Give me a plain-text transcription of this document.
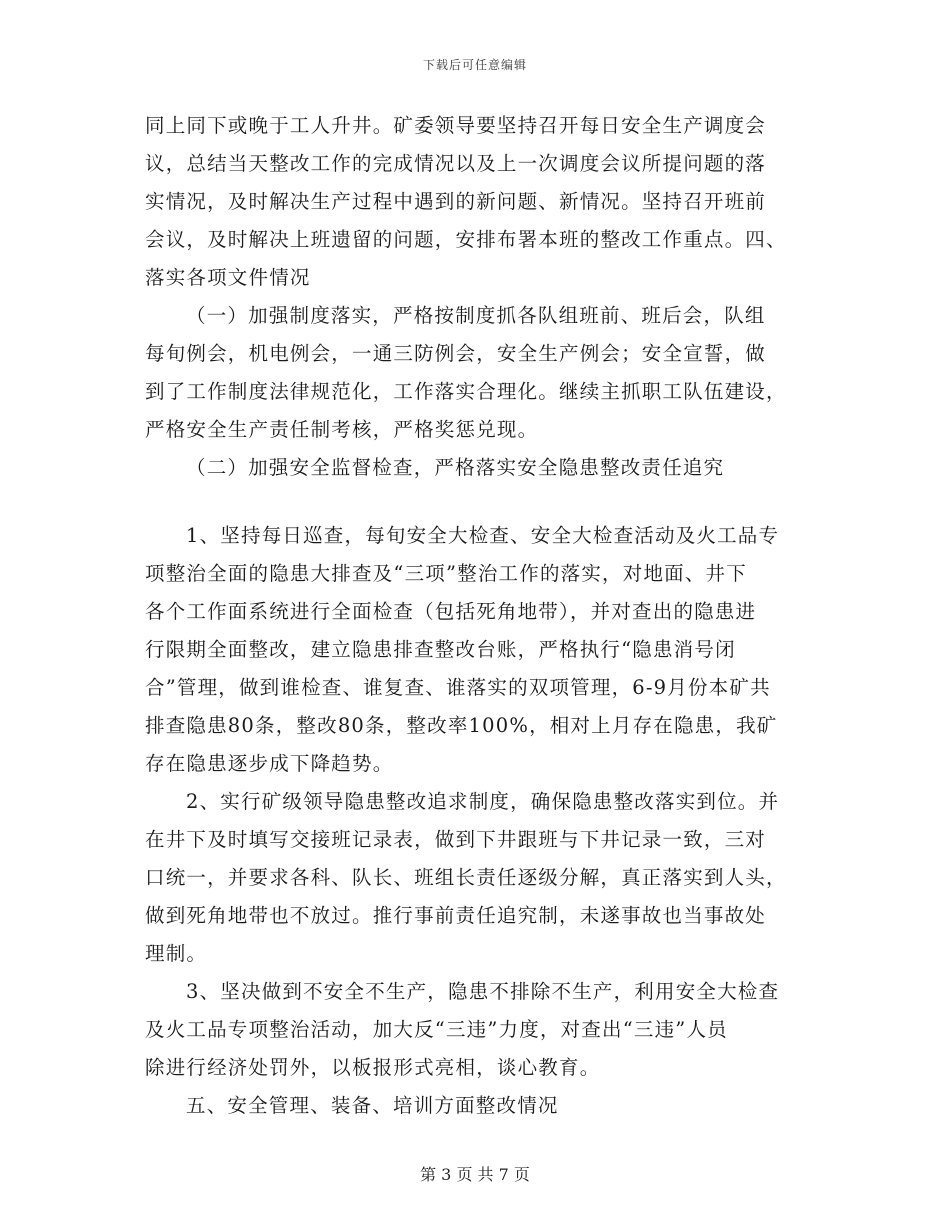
下载后可任意编辑
同上同下或晚于工人升井。矿委领导要坚持召开每日安全生产调度会
议，总结当天整改工作的完成情况以及上一次调度会议所提问题的落
实情况，及时解决生产过程中遇到的新问题、新情况。坚持召开班前
会议，及时解决上班遗留的问题，安排布署本班的整改工作重点。四、
落实各项文件情况
（一）加强制度落实，严格按制度抓各队组班前、班后会，队组
每旬例会，机电例会，一通三防例会，安全生产例会；安全宣誓，做
到了工作制度法律规范化，工作落实合理化。继续主抓职工队伍建设，
严格安全生产责任制考核，严格奖惩兑现。
（二）加强安全监督检查，严格落实安全隐患整改责任追究
1、坚持每日巡查，每旬安全大检查、安全大检查活动及火工品专
项整治全面的隐患大排查及“三项”整治工作的落实，对地面、井下
各个工作面系统进行全面检查（包括死角地带），并对查出的隐患进
行限期全面整改，建立隐患排查整改台账，严格执行“隐患消号闭
合”管理，做到谁检查、谁复查、谁落实的双项管理，6-9月份本矿共
排查隐患80条，整改80条，整改率100%，相对上月存在隐患，我矿
存在隐患逐步成下降趋势。
2、实行矿级领导隐患整改追求制度，确保隐患整改落实到位。并
在井下及时填写交接班记录表，做到下井跟班与下井记录一致，三对
口统一，并要求各科、队长、班组长责任逐级分解，真正落实到人头，
做到死角地带也不放过。推行事前责任追究制，未遂事故也当事故处
理制。
3、坚决做到不安全不生产，隐患不排除不生产，利用安全大检查
及火工品专项整治活动，加大反“三违”力度，对查出“三违”人员
除进行经济处罚外，以板报形式亮相，谈心教育。
五、安全管理、装备、培训方面整改情况
第 3 页 共 7 页
